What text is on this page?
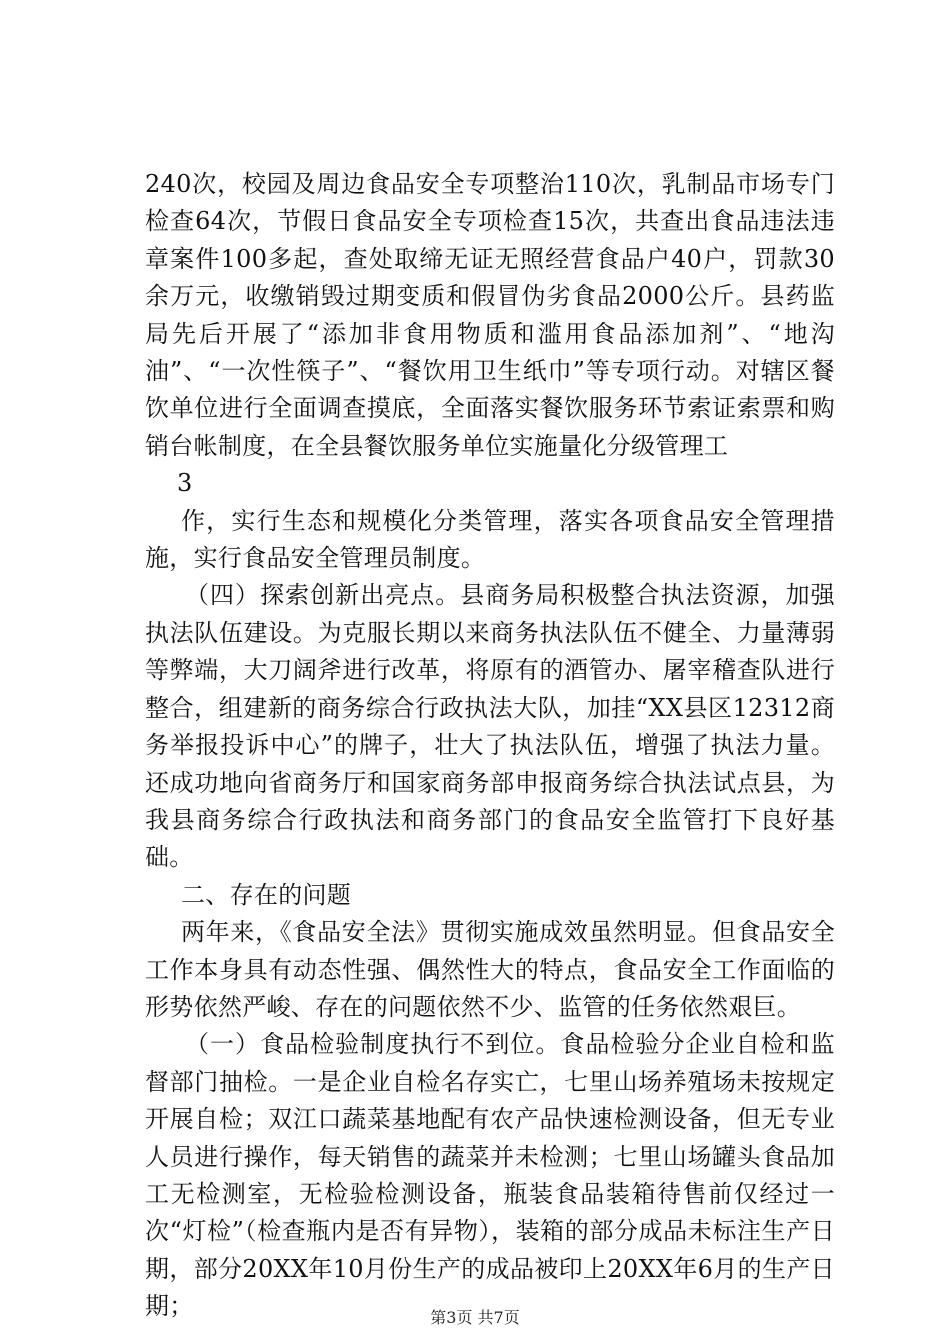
240次，校园及周边食品安全专项整治110次，乳制品市场专门检查64次，节假日食品安全专项检查15次，共查出食品违法违章案件100多起，查处取缔无证无照经营食品户40户，罚款30余万元，收缴销毁过期变质和假冒伪劣食品2000公斤。县药监局先后开展了“添加非食用物质和滥用食品添加剂”、“地沟油”、“一次性筷子”、“餐饮用卫生纸巾”等专项行动。对辖区餐饮单位进行全面调查摸底，全面落实餐饮服务环节索证索票和购销台帐制度，在全县餐饮服务单位实施量化分级管理工

3

作，实行生态和规模化分类管理，落实各项食品安全管理措施，实行食品安全管理员制度。

（四）探索创新出亮点。县商务局积极整合执法资源，加强执法队伍建设。为克服长期以来商务执法队伍不健全、力量薄弱等弊端，大刀阔斧进行改革，将原有的酒管办、屠宰稽查队进行整合，组建新的商务综合行政执法大队，加挂“XX县区12312商务举报投诉中心”的牌子，壮大了执法队伍，增强了执法力量。还成功地向省商务厅和国家商务部申报商务综合执法试点县，为我县商务综合行政执法和商务部门的食品安全监管打下良好基础。

二、存在的问题

两年来，《食品安全法》贯彻实施成效虽然明显。但食品安全工作本身具有动态性强、偶然性大的特点，食品安全工作面临的形势依然严峻、存在的问题依然不少、监管的任务依然艰巨。

（一）食品检验制度执行不到位。食品检验分企业自检和监督部门抽检。一是企业自检名存实亡，七里山场养殖场未按规定开展自检；双江口蔬菜基地配有农产品快速检测设备，但无专业人员进行操作，每天销售的蔬菜并未检测；七里山场罐头食品加工无检测室，无检验检测设备，瓶装食品装箱待售前仅经过一次“灯检”（检查瓶内是否有异物），装箱的部分成品未标注生产日期，部分20XX年10月份生产的成品被印上20XX年6月的生产日期；	第3页 共7页
